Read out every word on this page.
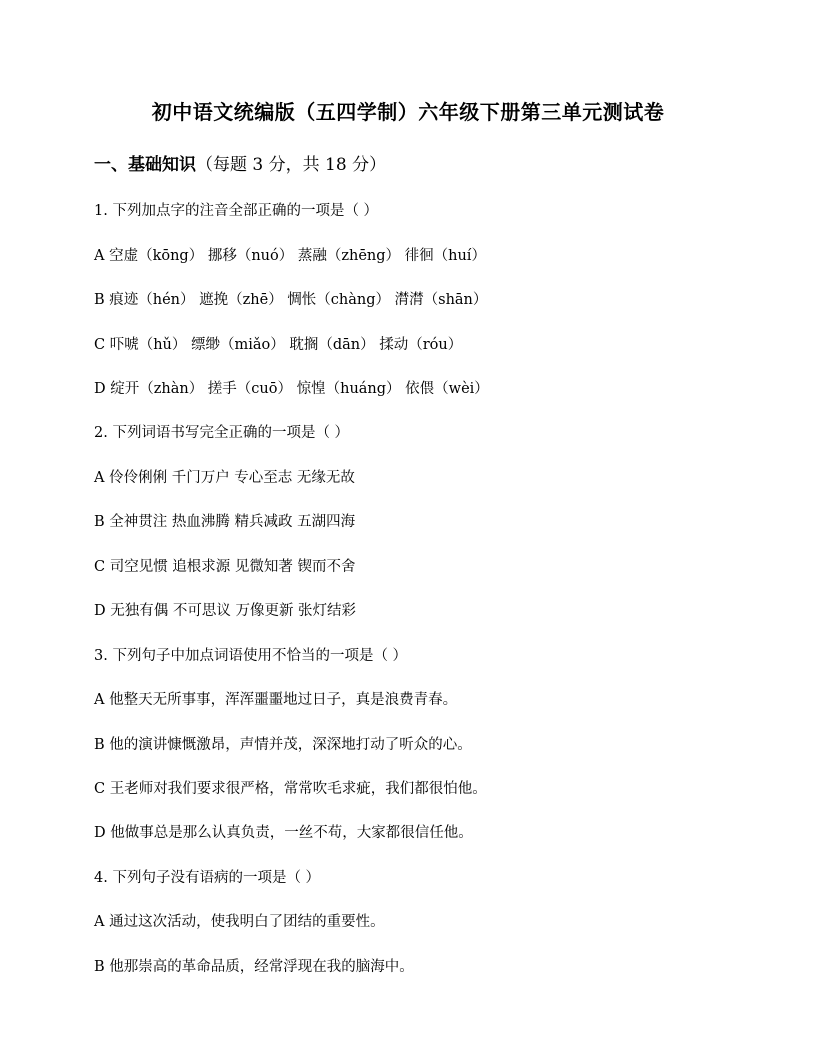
初中语文统编版（五四学制）六年级下册第三单元测试卷
一、基础知识（每题 3 分，共 18 分）
1. 下列加点字的注音全部正确的一项是（ ）
A 空虚（kōng） 挪移（nuó） 蒸融（zhēng） 徘徊（huí）
B 痕迹（hén） 遮挽（zhē） 惆怅（chàng） 潸潸（shān）
C 吓唬（hǔ） 缥缈（miǎo） 耽搁（dān） 揉动（róu）
D 绽开（zhàn） 搓手（cuō） 惊惶（huáng） 依偎（wèi）
2. 下列词语书写完全正确的一项是（ ）
A 伶伶俐俐 千门万户 专心至志 无缘无故
B 全神贯注 热血沸腾 精兵减政 五湖四海
C 司空见惯 追根求源 见微知著 锲而不舍
D 无独有偶 不可思议 万像更新 张灯结彩
3. 下列句子中加点词语使用不恰当的一项是（ ）
A 他整天无所事事，浑浑噩噩地过日子，真是浪费青春。
B 他的演讲慷慨激昂，声情并茂，深深地打动了听众的心。
C 王老师对我们要求很严格，常常吹毛求疵，我们都很怕他。
D 他做事总是那么认真负责，一丝不苟，大家都很信任他。
4. 下列句子没有语病的一项是（ ）
A 通过这次活动，使我明白了团结的重要性。
B 他那崇高的革命品质，经常浮现在我的脑海中。
